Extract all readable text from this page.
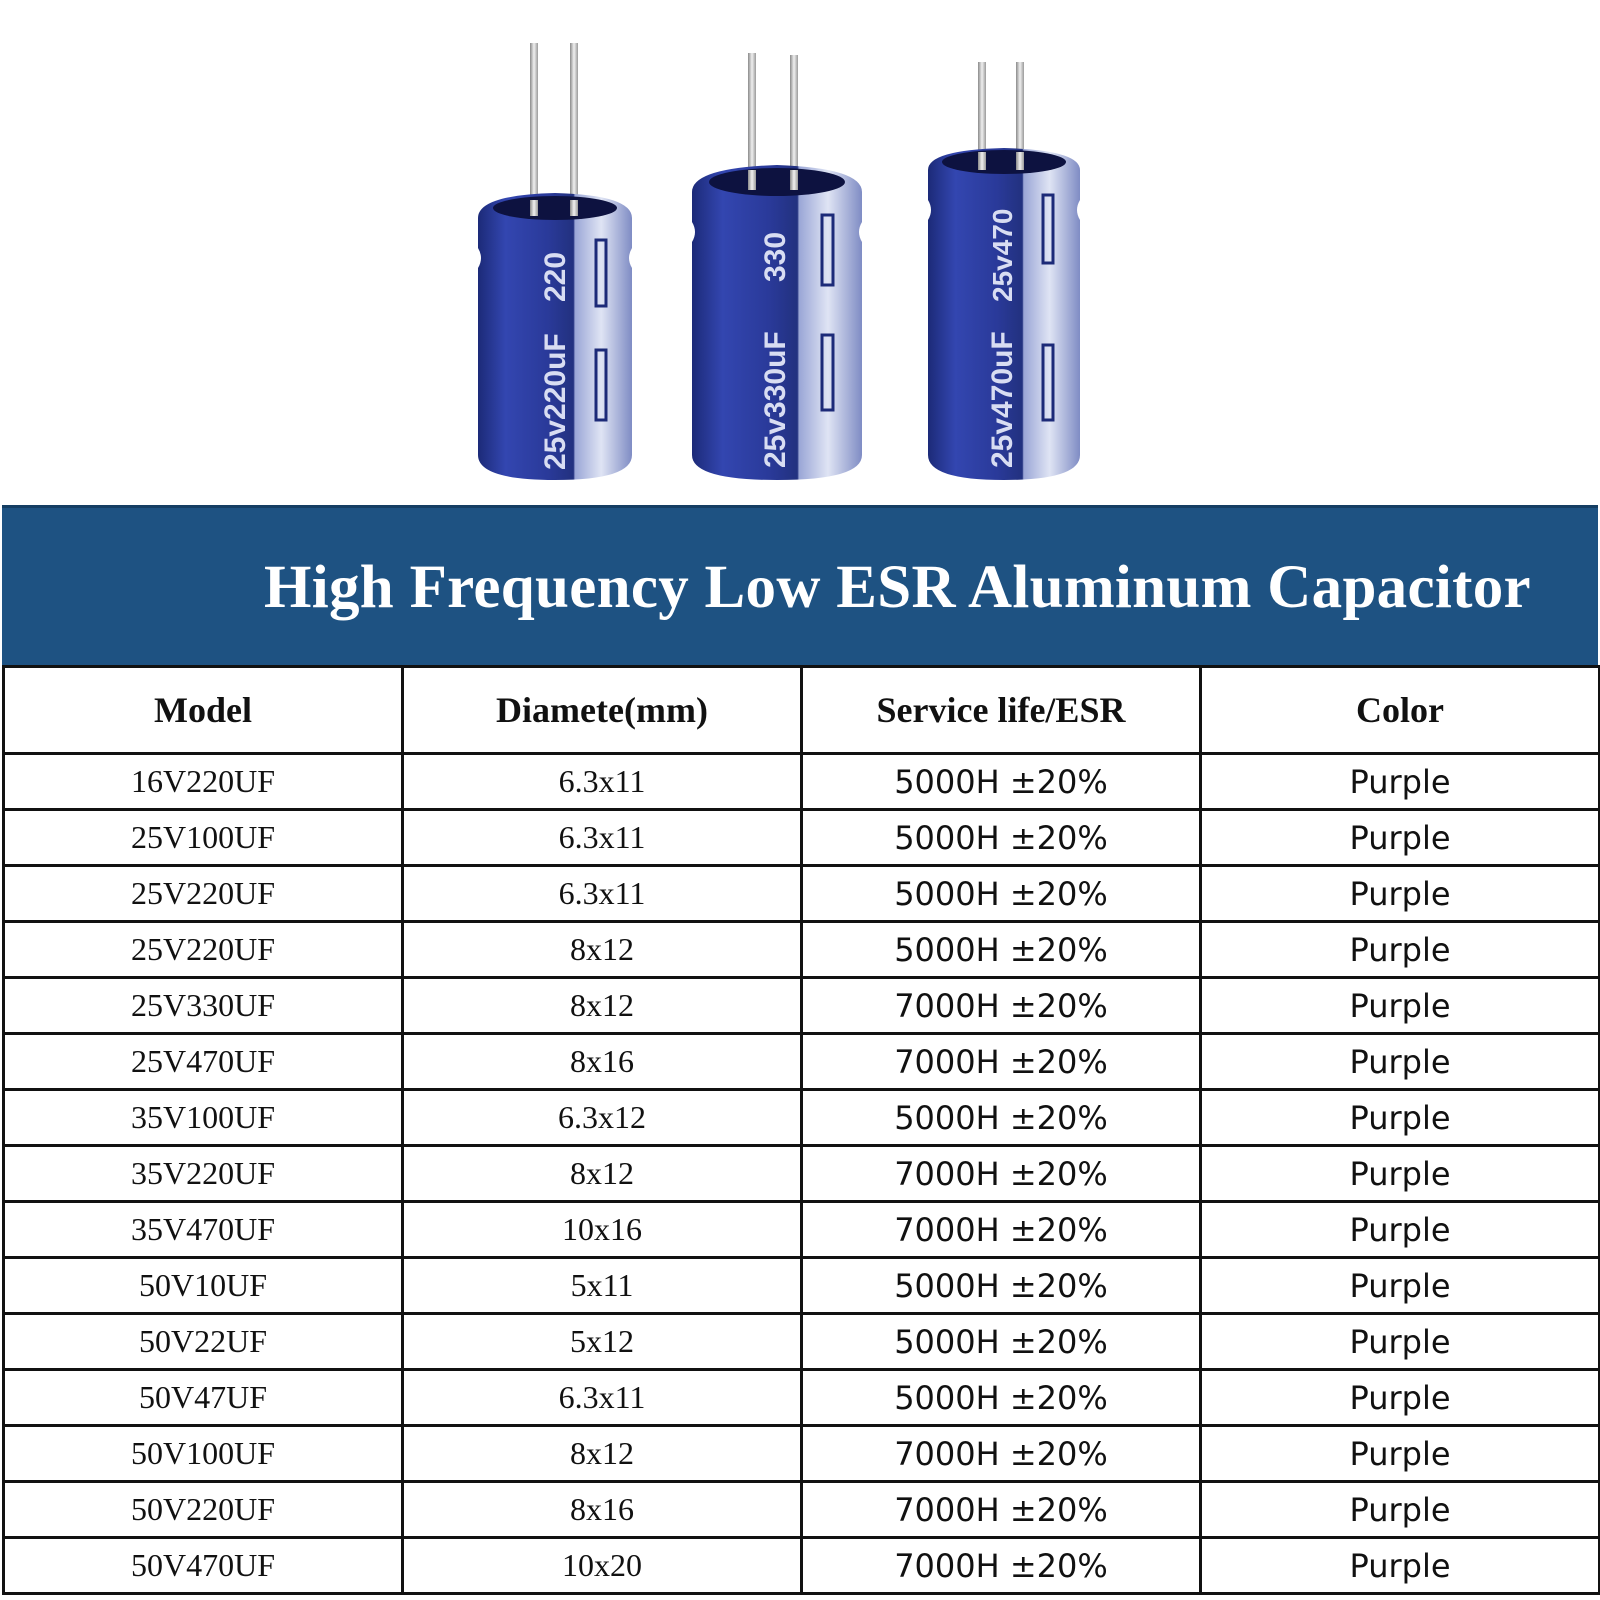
25v220uF
220
25v330uF
330
25v470uF
25v470
High Frequency Low ESR Aluminum Capacitor
Model	Diamete(mm)	Service life/ESR	Color
16V220UF	6.3x11	5000H ±20%	Purple
25V100UF	6.3x11	5000H ±20%	Purple
25V220UF	6.3x11	5000H ±20%	Purple
25V220UF	8x12	5000H ±20%	Purple
25V330UF	8x12	7000H ±20%	Purple
25V470UF	8x16	7000H ±20%	Purple
35V100UF	6.3x12	5000H ±20%	Purple
35V220UF	8x12	7000H ±20%	Purple
35V470UF	10x16	7000H ±20%	Purple
50V10UF	5x11	5000H ±20%	Purple
50V22UF	5x12	5000H ±20%	Purple
50V47UF	6.3x11	5000H ±20%	Purple
50V100UF	8x12	7000H ±20%	Purple
50V220UF	8x16	7000H ±20%	Purple
50V470UF	10x20	7000H ±20%	Purple
